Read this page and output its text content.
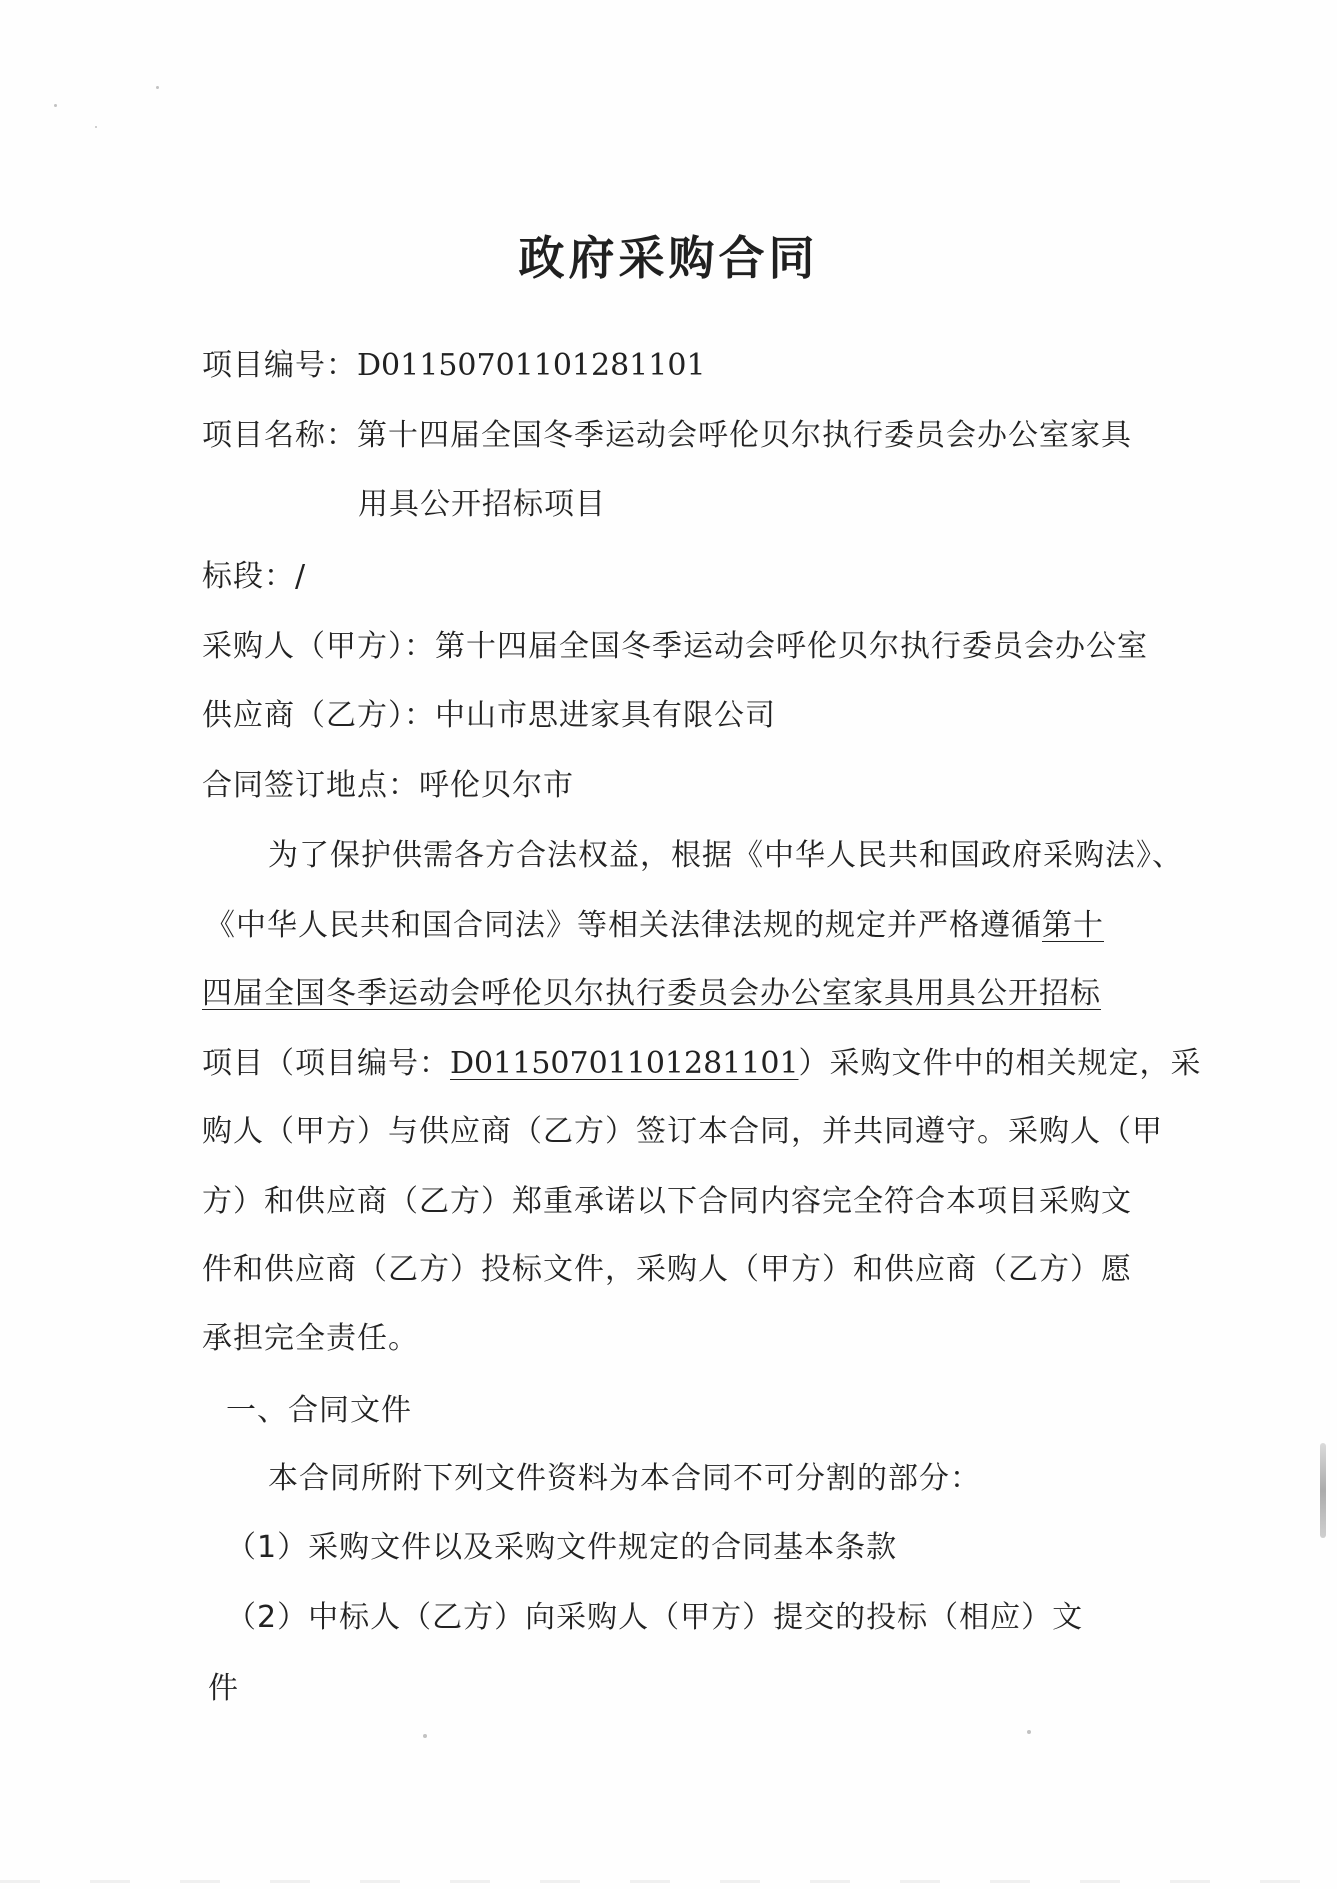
政府采购合同
项目编号：D01150701101281101
项目名称：第十四届全国冬季运动会呼伦贝尔执行委员会办公室家具
用具公开招标项目
标段：/
采购人（甲方）：第十四届全国冬季运动会呼伦贝尔执行委员会办公室
供应商（乙方）：中山市思进家具有限公司
合同签订地点：呼伦贝尔市
为了保护供需各方合法权益，根据《中华人民共和国政府采购法》、
《中华人民共和国合同法》等相关法律法规的规定并严格遵循第十
四届全国冬季运动会呼伦贝尔执行委员会办公室家具用具公开招标
项目（项目编号：D01150701101281101）采购文件中的相关规定，采
购人（甲方）与供应商（乙方）签订本合同，并共同遵守。采购人（甲
方）和供应商（乙方）郑重承诺以下合同内容完全符合本项目采购文
件和供应商（乙方）投标文件，采购人（甲方）和供应商（乙方）愿
承担完全责任。
一、合同文件
本合同所附下列文件资料为本合同不可分割的部分：
（1）采购文件以及采购文件规定的合同基本条款
（2）中标人（乙方）向采购人（甲方）提交的投标（相应）文
件
